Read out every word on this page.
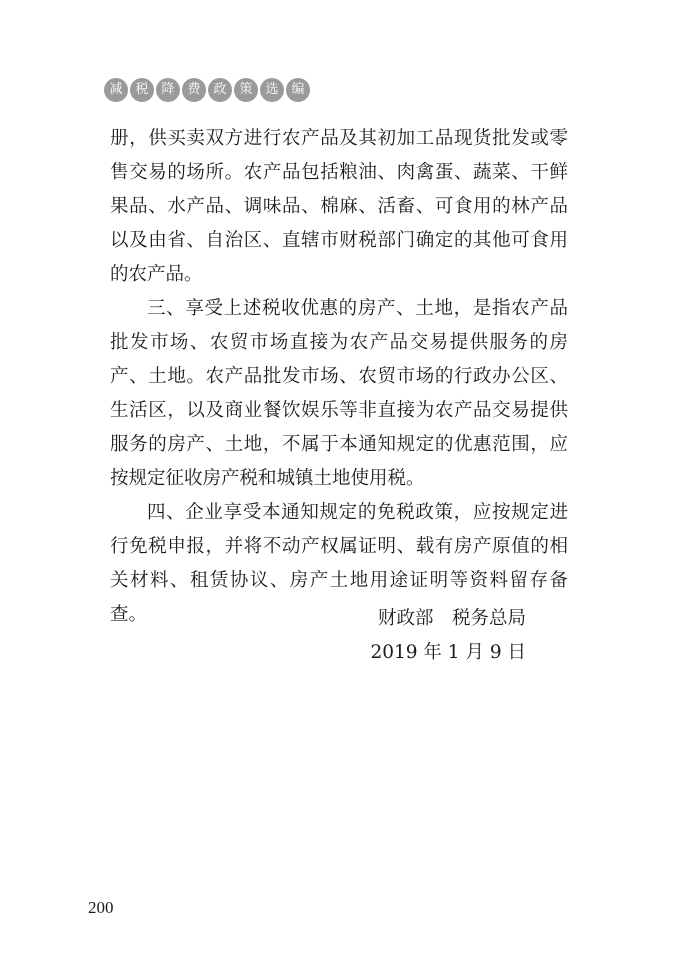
减 税 降 费 政 策 选 编

册，供买卖双方进行农产品及其初加工品现货批发或零售交易的场所。农产品包括粮油、肉禽蛋、蔬菜、干鲜果品、水产品、调味品、棉麻、活畜、可食用的林产品以及由省、自治区、直辖市财税部门确定的其他可食用的农产品。

三、享受上述税收优惠的房产、土地，是指农产品批发市场、农贸市场直接为农产品交易提供服务的房产、土地。农产品批发市场、农贸市场的行政办公区、生活区，以及商业餐饮娱乐等非直接为农产品交易提供服务的房产、土地，不属于本通知规定的优惠范围，应按规定征收房产税和城镇土地使用税。

四、企业享受本通知规定的免税政策，应按规定进行免税申报，并将不动产权属证明、载有房产原值的相关材料、租赁协议、房产土地用途证明等资料留存备查。	财政部　税务总局
2019 年 1 月 9 日
200
